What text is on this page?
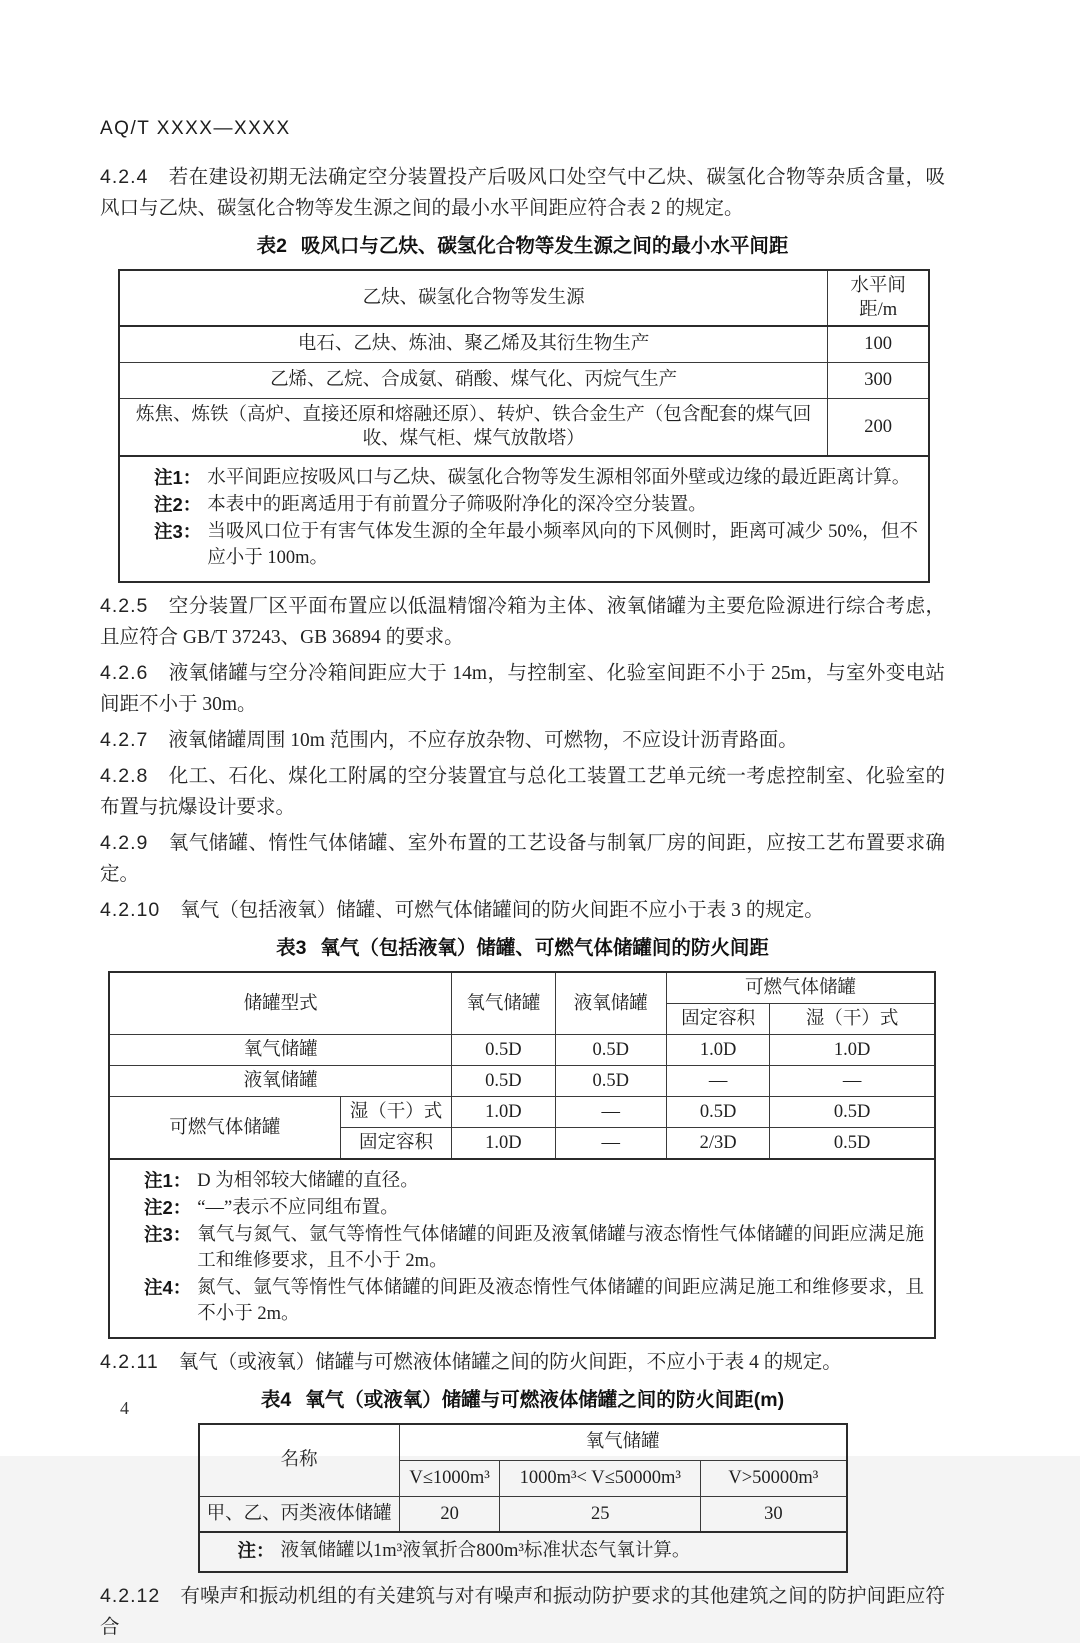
AQ/T XXXX—XXXX

4.2.4 若在建设初期无法确定空分装置投产后吸风口处空气中乙炔、碳氢化合物等杂质含量，吸风口与乙炔、碳氢化合物等发生源之间的最小水平间距应符合表 2 的规定。

表2 吸风口与乙炔、碳氢化合物等发生源之间的最小水平间距
乙炔、碳氢化合物等发生源	水平间距/m
电石、乙炔、炼油、聚乙烯及其衍生物生产	100
乙烯、乙烷、合成氨、硝酸、煤气化、丙烷气生产	300
炼焦、炼铁（高炉、直接还原和熔融还原）、转炉、铁合金生产（包含配套的煤气回收、煤气柜、煤气放散塔）	200

注1： 水平间距应按吸风口与乙炔、碳氢化合物等发生源相邻面外壁或边缘的最近距离计算。
注2： 本表中的距离适用于有前置分子筛吸附净化的深冷空分装置。
注3： 当吸风口位于有害气体发生源的全年最小频率风向的下风侧时，距离可减少 50%，但不应小于 100m。

4.2.5 空分装置厂区平面布置应以低温精馏冷箱为主体、液氧储罐为主要危险源进行综合考虑，且应符合 GB/T 37243、GB 36894 的要求。

4.2.6 液氧储罐与空分冷箱间距应大于 14m，与控制室、化验室间距不小于 25m，与室外变电站间距不小于 30m。

4.2.7 液氧储罐周围 10m 范围内，不应存放杂物、可燃物，不应设计沥青路面。

4.2.8 化工、石化、煤化工附属的空分装置宜与总化工装置工艺单元统一考虑控制室、化验室的布置与抗爆设计要求。

4.2.9 氧气储罐、惰性气体储罐、室外布置的工艺设备与制氧厂房的间距，应按工艺布置要求确定。

4.2.10 氧气（包括液氧）储罐、可燃气体储罐间的防火间距不应小于表 3 的规定。

表3 氧气（包括液氧）储罐、可燃气体储罐间的防火间距
储罐型式		氧气储罐	液氧储罐	可燃气体储罐	
				固定容积	湿（干）式
氧气储罐		0.5D	0.5D	1.0D	1.0D
液氧储罐		0.5D	0.5D	—	—
可燃气体储罐	湿（干）式	1.0D	—	0.5D	0.5D
	固定容积	1.0D	—	2/3D	0.5D

注1： D 为相邻较大储罐的直径。
注2： “—”表示不应同组布置。
注3： 氧气与氮气、氩气等惰性气体储罐的间距及液氧储罐与液态惰性气体储罐的间距应满足施工和维修要求，且不小于 2m。
注4： 氮气、氩气等惰性气体储罐的间距及液态惰性气体储罐的间距应满足施工和维修要求，且不小于 2m。

4.2.11 氧气（或液氧）储罐与可燃液体储罐之间的防火间距，不应小于表 4 的规定。

表4 氧气（或液氧）储罐与可燃液体储罐之间的防火间距(m)
名称	氧气储罐		
	V≤1000m³	1000m³< V≤50000m³	V>50000m³
甲、乙、丙类液体储罐	20	25	30

注： 液氧储罐以1m³液氧折合800m³标准状态气氧计算。			

4.2.12 有噪声和振动机组的有关建筑与对有噪声和振动防护要求的其他建筑之间的防护间距应符合

4
